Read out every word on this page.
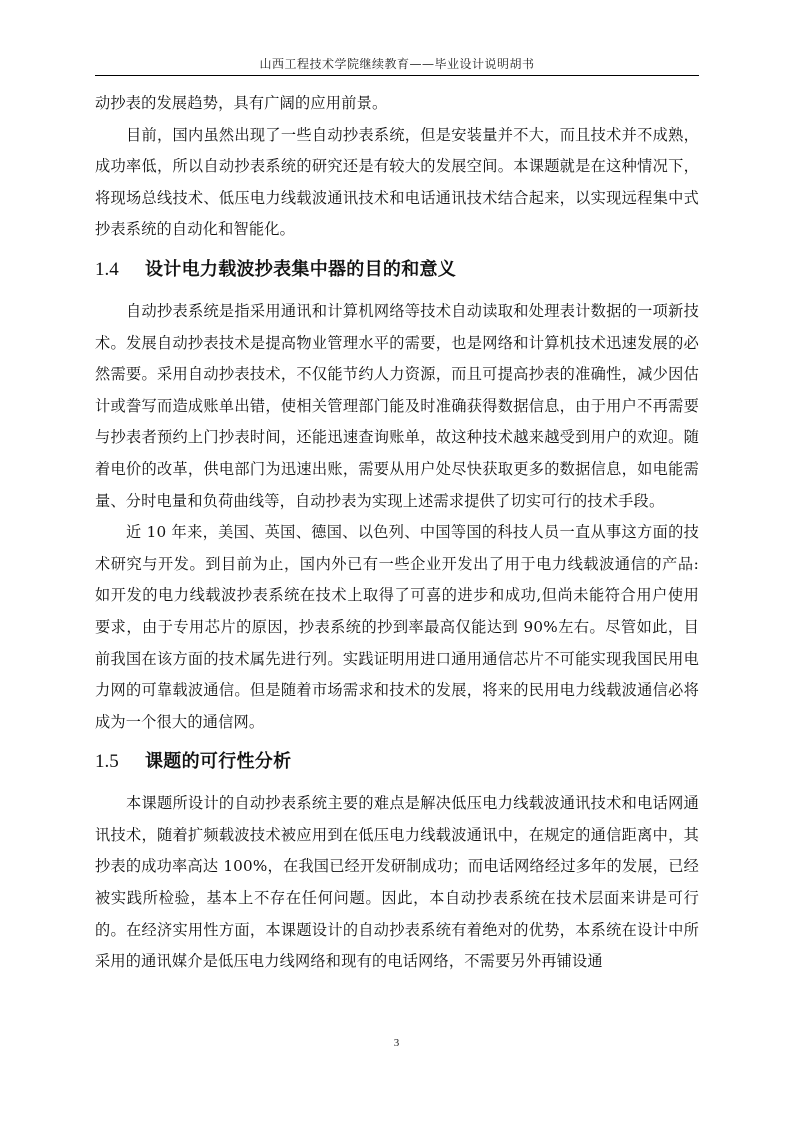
山西工程技术学院继续教育——毕业设计说明胡书

动抄表的发展趋势，具有广阔的应用前景。

目前，国内虽然出现了一些自动抄表系统，但是安装量并不大，而且技术并不成熟，成功率低，所以自动抄表系统的研究还是有较大的发展空间。本课题就是在这种情况下，将现场总线技术、低压电力线载波通讯技术和电话通讯技术结合起来，以实现远程集中式抄表系统的自动化和智能化。

1.4	设计电力载波抄表集中器的目的和意义

自动抄表系统是指采用通讯和计算机网络等技术自动读取和处理表计数据的一项新技术。发展自动抄表技术是提高物业管理水平的需要，也是网络和计算机技术迅速发展的必然需要。采用自动抄表技术，不仅能节约人力资源，而且可提高抄表的准确性，减少因估计或誊写而造成账单出错，使相关管理部门能及时准确获得数据信息，由于用户不再需要与抄表者预约上门抄表时间，还能迅速查询账单，故这种技术越来越受到用户的欢迎。随着电价的改革，供电部门为迅速出账，需要从用户处尽快获取更多的数据信息，如电能需量、分时电量和负荷曲线等，自动抄表为实现上述需求提供了切实可行的技术手段。

近 10 年来，美国、英国、德国、以色列、中国等国的科技人员一直从事这方面的技术研究与开发。到目前为止，国内外已有一些企业开发出了用于电力线载波通信的产品:如开发的电力线载波抄表系统在技术上取得了可喜的进步和成功,但尚未能符合用户使用要求，由于专用芯片的原因，抄表系统的抄到率最高仅能达到 90%左右。尽管如此，目前我国在该方面的技术属先进行列。实践证明用进口通用通信芯片不可能实现我国民用电力网的可靠载波通信。但是随着市场需求和技术的发展，将来的民用电力线载波通信必将成为一个很大的通信网。

1.5	课题的可行性分析

本课题所设计的自动抄表系统主要的难点是解决低压电力线载波通讯技术和电话网通讯技术，随着扩频载波技术被应用到在低压电力线载波通讯中，在规定的通信距离中，其抄表的成功率高达 100%，在我国已经开发研制成功；而电话网络经过多年的发展，已经被实践所检验，基本上不存在任何问题。因此，本自动抄表系统在技术层面来讲是可行的。在经济实用性方面，本课题设计的自动抄表系统有着绝对的优势，本系统在设计中所采用的通讯媒介是低压电力线网络和现有的电话网络，不需要另外再铺设通

3
